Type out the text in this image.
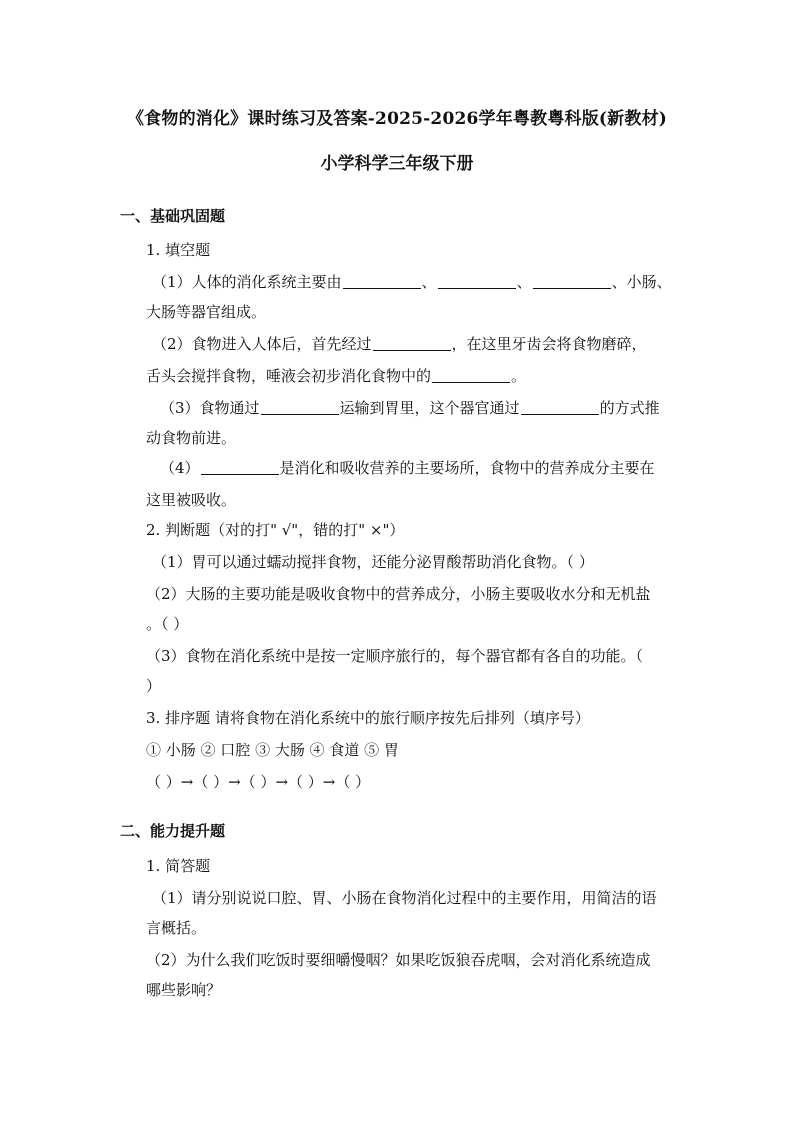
《食物的消化》课时练习及答案-2025-2026学年粤教粤科版(新教材)
小学科学三年级下册
一、基础巩固题
1. 填空题
（1）人体的消化系统主要由	、	、	、小肠、
大肠等器官组成。
（2）食物进入人体后，首先经过	，在这里牙齿会将食物磨碎，
舌头会搅拌食物，唾液会初步消化食物中的	。
（3）食物通过	运输到胃里，这个器官通过	的方式推
动食物前进。
（4）	是消化和吸收营养的主要场所，食物中的营养成分主要在
这里被吸收。
2. 判断题（对的打" √"，错的打" ×"）
（1）胃可以通过蠕动搅拌食物，还能分泌胃酸帮助消化食物。（ ）
（2）大肠的主要功能是吸收食物中的营养成分，小肠主要吸收水分和无机盐
。（ ）
（3）食物在消化系统中是按一定顺序旅行的，每个器官都有各自的功能。（
）
3. 排序题 请将食物在消化系统中的旅行顺序按先后排列（填序号）
① 小肠 ② 口腔 ③ 大肠 ④ 食道 ⑤ 胃
（ ）→（ ）→（ ）→（ ）→（ ）
二、能力提升题
1. 简答题
（1）请分别说说口腔、胃、小肠在食物消化过程中的主要作用，用简洁的语
言概括。
（2）为什么我们吃饭时要细嚼慢咽？如果吃饭狼吞虎咽，会对消化系统造成
哪些影响？
